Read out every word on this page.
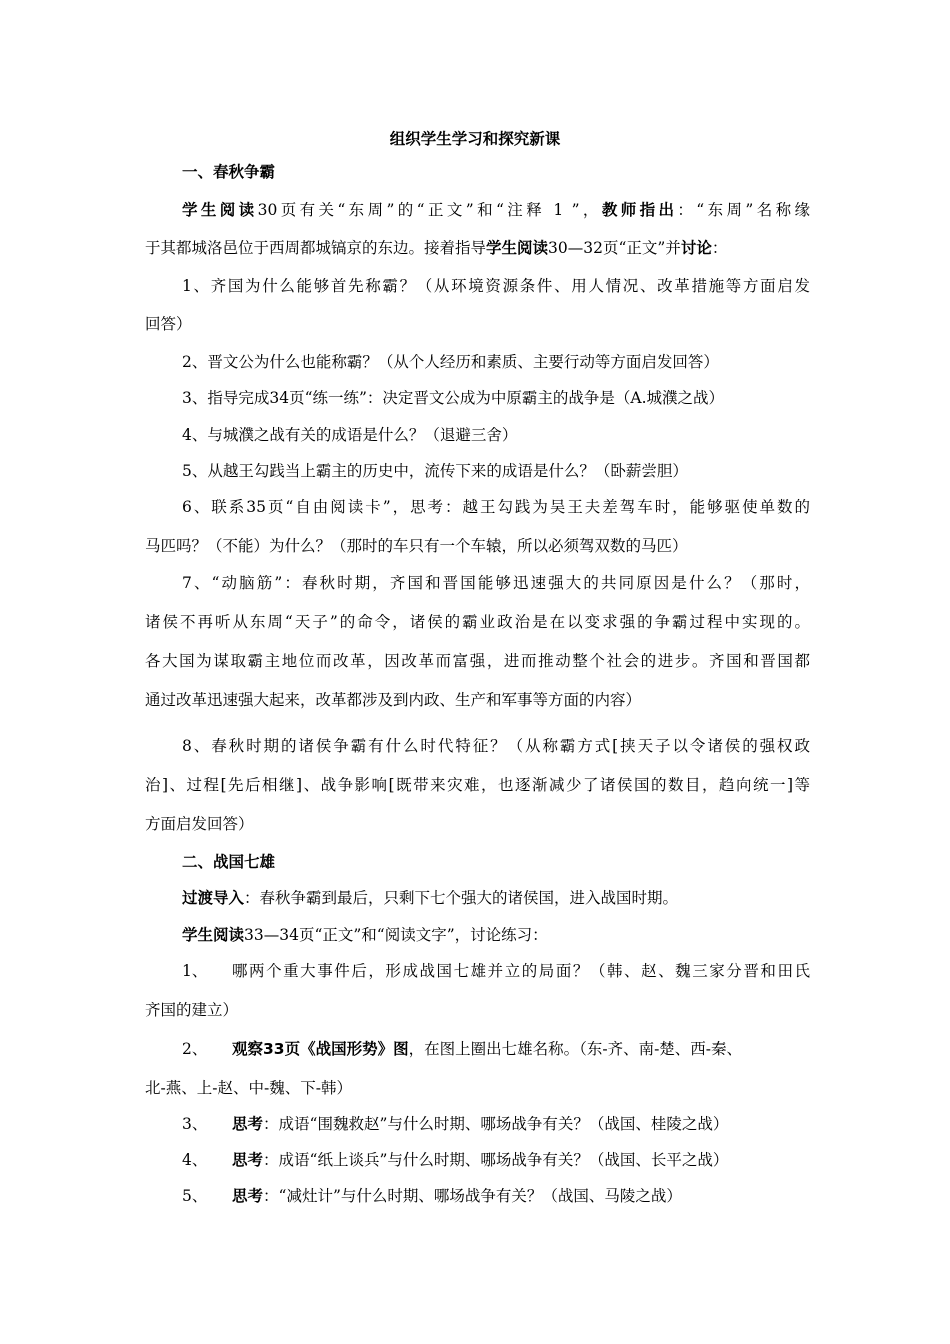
组织学生学习和探究新课
一、春秋争霸
学生阅读30页有关“东周”的“正文”和“注释 1 ”，教师指出：“东周”名称缘
于其都城洛邑位于西周都城镐京的东边。接着指导学生阅读30—32页“正文”并讨论：
1、齐国为什么能够首先称霸？（从环境资源条件、用人情况、改革措施等方面启发
回答）
2、晋文公为什么也能称霸？（从个人经历和素质、主要行动等方面启发回答）
3、指导完成34页“练一练”：决定晋文公成为中原霸主的战争是（A.城濮之战）
4、与城濮之战有关的成语是什么？（退避三舍）
5、从越王勾践当上霸主的历史中，流传下来的成语是什么？（卧薪尝胆）
6、联系35页“自由阅读卡”，思考：越王勾践为吴王夫差驾车时，能够驱使单数的
马匹吗？（不能）为什么？（那时的车只有一个车辕，所以必须驾双数的马匹）
7、“动脑筋”：春秋时期，齐国和晋国能够迅速强大的共同原因是什么？（那时，
诸侯不再听从东周“天子”的命令，诸侯的霸业政治是在以变求强的争霸过程中实现的。
各大国为谋取霸主地位而改革，因改革而富强，进而推动整个社会的进步。齐国和晋国都
通过改革迅速强大起来，改革都涉及到内政、生产和军事等方面的内容）
8、春秋时期的诸侯争霸有什么时代特征？（从称霸方式[挟天子以令诸侯的强权政
治]、过程[先后相继]、战争影响[既带来灾难，也逐渐减少了诸侯国的数目，趋向统一]等
方面启发回答）
二、战国七雄
过渡导入：春秋争霸到最后，只剩下七个强大的诸侯国，进入战国时期。
学生阅读33—34页“正文”和“阅读文字”，讨论练习：
1、 哪两个重大事件后，形成战国七雄并立的局面？（韩、赵、魏三家分晋和田氏
齐国的建立）
2、 观察33页《战国形势》图，在图上圈出七雄名称。（东-齐、南-楚、西-秦、
北-燕、上-赵、中-魏、下-韩）
3、 思考：成语“围魏救赵”与什么时期、哪场战争有关？（战国、桂陵之战）
4、 思考：成语“纸上谈兵”与什么时期、哪场战争有关？（战国、长平之战）
5、 思考：“减灶计”与什么时期、哪场战争有关？（战国、马陵之战）
